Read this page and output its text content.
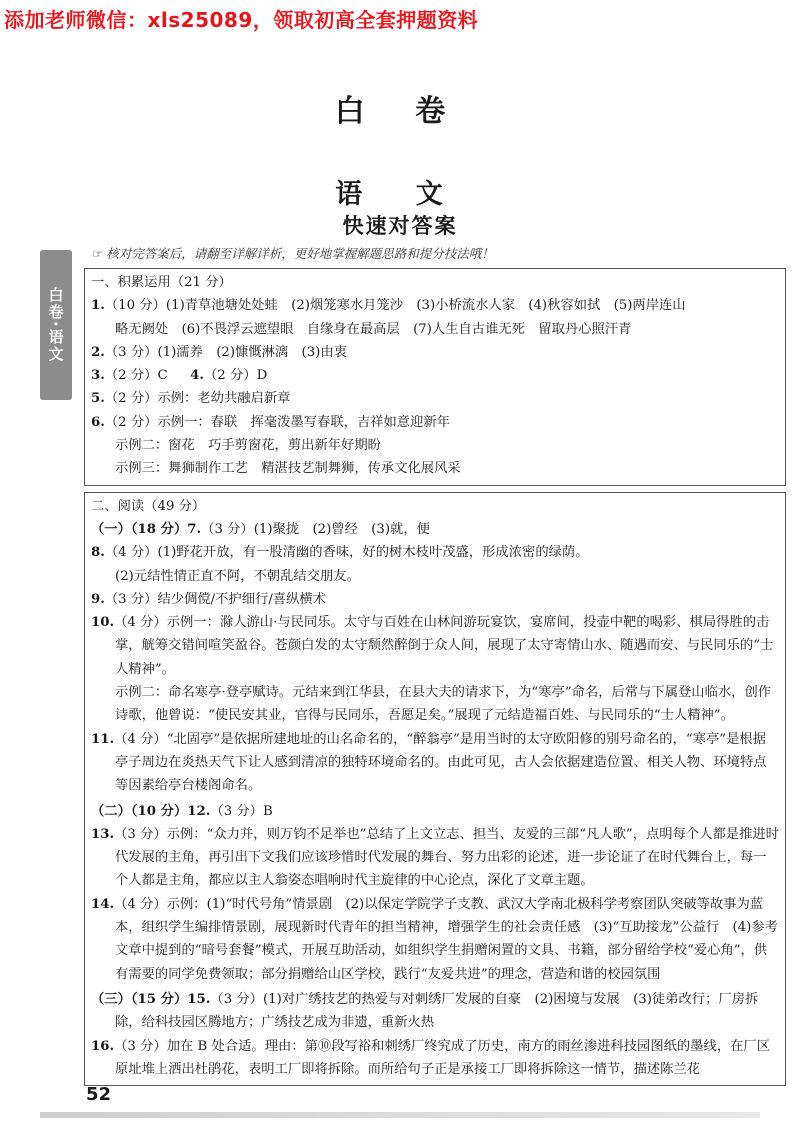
添加老师微信：xls25089，领取初高全套押题资料
白 卷
语 文
快速对答案
☞ 核对完答案后，请翻至详解详析，更好地掌握解题思路和提分技法哦！
白卷·语文
一、积累运用（21 分）
1.（10 分）(1)青草池塘处处蛙　(2)烟笼寒水月笼沙　(3)小桥流水人家　(4)秋容如拭　(5)两岸连山
略无阙处　(6)不畏浮云遮望眼　自缘身在最高层　(7)人生自古谁无死　留取丹心照汗青
2.（3 分）(1)濡养　(2)慷慨淋漓　(3)由衷
3.（2 分）C 4.（2 分）D
5.（2 分）示例：老幼共融启新章
6.（2 分）示例一：春联　挥毫泼墨写春联，吉祥如意迎新年
示例二：窗花　巧手剪窗花，剪出新年好期盼
示例三：舞狮制作工艺　精湛技艺制舞狮，传承文化展风采
二、阅读（49 分）
（一）（18 分）7.（3 分）(1)聚拢　(2)曾经　(3)就，便
8.（4 分）(1)野花开放，有一股清幽的香味，好的树木枝叶茂盛，形成浓密的绿荫。
(2)元结性情正直不阿，不朝乱结交朋友。
9.（3 分）结少倜傥/不护细行/喜纵横术
10.（4 分）示例一：滁人游山·与民同乐。太守与百姓在山林间游玩宴饮，宴席间，投壶中靶的喝彩、棋局得胜的击掌，觥筹交错间喧笑盈谷。苍颜白发的太守颓然醉倒于众人间，展现了太守寄情山水、随遇而安、与民同乐的“士人精神”。
示例二：命名寒亭·登亭赋诗。元结来到江华县，在县大夫的请求下，为“寒亭”命名，后常与下属登山临水，创作诗歌，他曾说：“使民安其业，官得与民同乐，吾愿足矣。”展现了元结造福百姓、与民同乐的“士人精神”。
11.（4 分）“北固亭”是依据所建地址的山名命名的，“醉翁亭”是用当时的太守欧阳修的别号命名的，“寒亭”是根据亭子周边在炎热天气下让人感到清凉的独特环境命名的。由此可见，古人会依据建造位置、相关人物、环境特点等因素给亭台楼阁命名。
（二）（10 分）12.（3 分）B
13.（3 分）示例：“众力并，则万钧不足举也”总结了上文立志、担当、友爱的三部“凡人歌”，点明每个人都是推进时代发展的主角，再引出下文我们应该珍惜时代发展的舞台、努力出彩的论述，进一步论证了在时代舞台上，每一个人都是主角，都应以主人翁姿态唱响时代主旋律的中心论点，深化了文章主题。
14.（4 分）示例：(1)“时代号角”情景剧　(2)以保定学院学子支教、武汉大学南北极科学考察团队突破等故事为蓝本，组织学生编排情景剧，展现新时代青年的担当精神，增强学生的社会责任感　(3)“互助接龙”公益行　(4)参考文章中提到的“暗号套餐”模式，开展互助活动，如组织学生捐赠闲置的文具、书籍，部分留给学校“爱心角”，供有需要的同学免费领取；部分捐赠给山区学校，践行“友爱共进”的理念，营造和谐的校园氛围
（三）（15 分）15.（3 分）(1)对广绣技艺的热爱与对刺绣厂发展的自豪　(2)困境与发展　(3)徒弟改行；厂房拆除，给科技园区腾地方；广绣技艺成为非遗，重新火热
16.（3 分）加在 B 处合适。理由：第⑩段写裕和刺绣厂终究成了历史，南方的雨丝渗进科技园图纸的墨线，在厂区原址堆上洒出杜鹃花，表明工厂即将拆除。而所给句子正是承接工厂即将拆除这一情节，描述陈兰花
52
